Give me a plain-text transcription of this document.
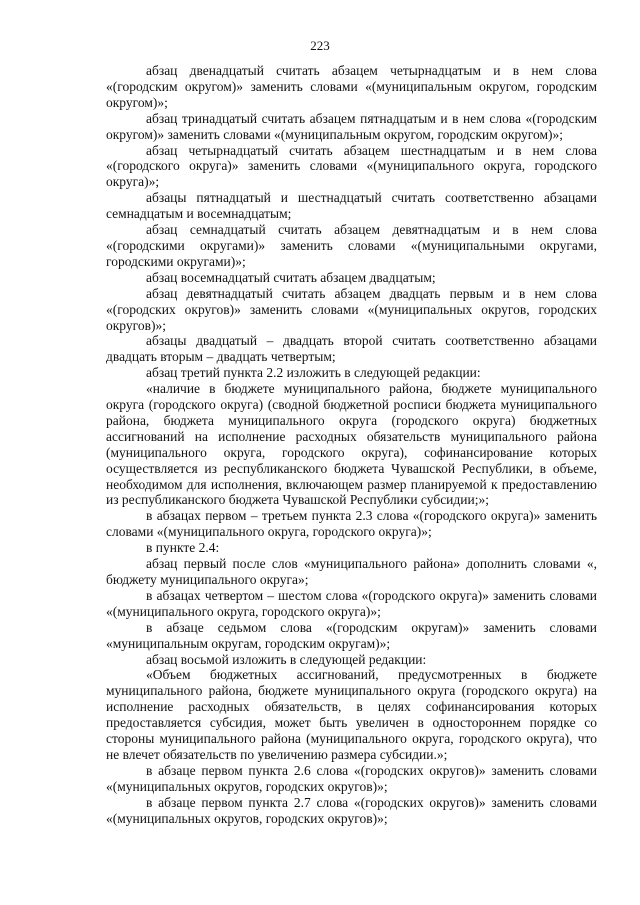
223

абзац двенадцатый считать абзацем четырнадцатым и в нем слова «(городским округом)» заменить словами «(муниципальным округом, городским округом)»;

абзац тринадцатый считать абзацем пятнадцатым и в нем слова «(городским округом)» заменить словами «(муниципальным округом, городским округом)»;

абзац четырнадцатый считать абзацем шестнадцатым и в нем слова «(городского округа)» заменить словами «(муниципального округа, городского округа)»;

абзацы пятнадцатый и шестнадцатый считать соответственно абзацами семнадцатым и восемнадцатым;

абзац семнадцатый считать абзацем девятнадцатым и в нем слова «(городскими округами)» заменить словами «(муниципальными округами, городскими округами)»;

абзац восемнадцатый считать абзацем двадцатым;

абзац девятнадцатый считать абзацем двадцать первым и в нем слова «(городских округов)» заменить словами «(муниципальных округов, городских округов)»;

абзацы двадцатый – двадцать второй считать соответственно абзацами двадцать вторым – двадцать четвертым;

абзац третий пункта 2.2 изложить в следующей редакции:

«наличие в бюджете муниципального района, бюджете муниципального округа (городского округа) (сводной бюджетной росписи бюджета муниципального района, бюджета муниципального округа (городского округа) бюджетных ассигнований на исполнение расходных обязательств муниципального района (муниципального округа, городского округа), софинансирование которых осуществляется из республиканского бюджета Чувашской Республики, в объеме, необходимом для исполнения, включающем размер планируемой к предоставлению из республиканского бюджета Чувашской Республики субсидии;»;

в абзацах первом – третьем пункта 2.3 слова «(городского округа)» заменить словами «(муниципального округа, городского округа)»;

в пункте 2.4:

абзац первый после слов «муниципального района» дополнить словами «, бюджету муниципального округа»;

в абзацах четвертом – шестом слова «(городского округа)» заменить словами «(муниципального округа, городского округа)»;

в абзаце седьмом слова «(городским округам)» заменить словами «муниципальным округам, городским округам)»;

абзац восьмой изложить в следующей редакции:

«Объем бюджетных ассигнований, предусмотренных в бюджете муниципального района, бюджете муниципального округа (городского округа) на исполнение расходных обязательств, в целях софинансирования которых предоставляется субсидия, может быть увеличен в одностороннем порядке со стороны муниципального района (муниципального округа, городского округа), что не влечет обязательств по увеличению размера субсидии.»;

в абзаце первом пункта 2.6 слова «(городских округов)» заменить словами «(муниципальных округов, городских округов)»;

в абзаце первом пункта 2.7 слова «(городских округов)» заменить словами «(муниципальных округов, городских округов)»;
